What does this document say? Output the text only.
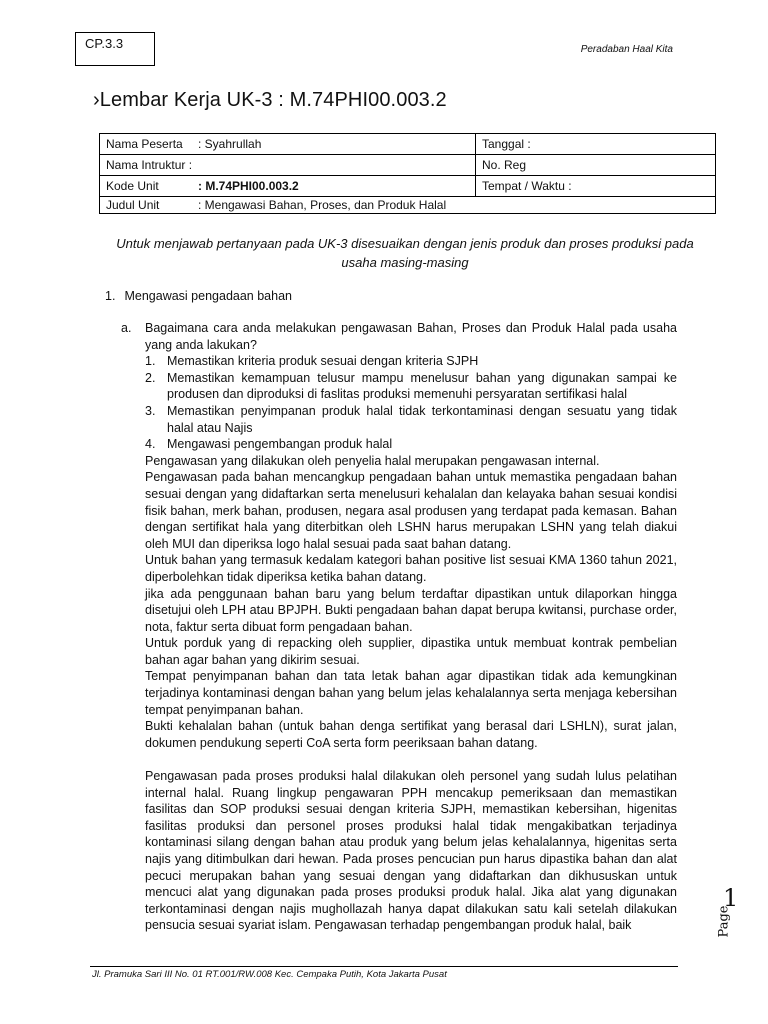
CP.3.3	Peradaban Haal Kita
›Lembar Kerja UK-3 : M.74PHI00.003.2
Nama Peserta : Syahrullah	Tanggal :
Nama Intruktur :	No. Reg
Kode Unit : M.74PHI00.003.2	Tempat / Waktu :
Judul Unit : Mengawasi Bahan, Proses, dan Produk Halal	
Untuk menjawab pertanyaan pada UK-3 disesuaikan dengan jenis produk dan proses produksi pada usaha masing-masing
1. Mengawasi pengadaan bahan
a. Bagaimana cara anda melakukan pengawasan Bahan, Proses dan Produk Halal pada usaha yang anda lakukan?
1. Memastikan kriteria produk sesuai dengan kriteria SJPH
2. Memastikan kemampuan telusur mampu menelusur bahan yang digunakan sampai ke produsen dan diproduksi di faslitas produksi memenuhi persyaratan sertifikasi halal
3. Memastikan penyimpanan produk halal tidak terkontaminasi dengan sesuatu yang tidak halal atau Najis
4. Mengawasi pengembangan produk halal

Pengawasan yang dilakukan oleh penyelia halal merupakan pengawasan internal.

Pengawasan pada bahan mencangkup pengadaan bahan untuk memastika pengadaan bahan sesuai dengan yang didaftarkan serta menelusuri kehalalan dan kelayaka bahan sesuai kondisi fisik bahan, merk bahan, produsen, negara asal produsen yang terdapat pada kemasan. Bahan dengan sertifikat hala yang diterbitkan oleh LSHN harus merupakan LSHN yang telah diakui oleh MUI dan diperiksa logo halal sesuai pada saat bahan datang.

Untuk bahan yang termasuk kedalam kategori bahan positive list sesuai KMA 1360 tahun 2021, diperbolehkan tidak diperiksa ketika bahan datang.

jika ada penggunaan bahan baru yang belum terdaftar dipastikan untuk dilaporkan hingga disetujui oleh LPH atau BPJPH. Bukti pengadaan bahan dapat berupa kwitansi, purchase order, nota, faktur serta dibuat form pengadaan bahan.

Untuk porduk yang di repacking oleh supplier, dipastika untuk membuat kontrak pembelian bahan agar bahan yang dikirim sesuai.

Tempat penyimpanan bahan dan tata letak bahan agar dipastikan tidak ada kemungkinan terjadinya kontaminasi dengan bahan yang belum jelas kehalalannya serta menjaga kebersihan tempat penyimpanan bahan.

Bukti kehalalan bahan (untuk bahan denga sertifikat yang berasal dari LSHLN), surat jalan, dokumen pendukung seperti CoA serta form peeriksaan bahan datang.

Pengawasan pada proses produksi halal dilakukan oleh personel yang sudah lulus pelatihan internal halal. Ruang lingkup pengawaran PPH mencakup pemeriksaan dan memastikan fasilitas dan SOP produksi sesuai dengan kriteria SJPH, memastikan kebersihan, higenitas fasilitas produksi dan personel proses produksi halal tidak mengakibatkan terjadinya kontaminasi silang dengan bahan atau produk yang belum jelas kehalalannya, higenitas serta najis yang ditimbulkan dari hewan. Pada proses pencucian pun harus dipastika bahan dan alat pecuci merupakan bahan yang sesuai dengan yang didaftarkan dan dikhususkan untuk mencuci alat yang digunakan pada proses produksi produk halal. Jika alat yang digunakan terkontaminasi dengan najis mughollazah hanya dapat dilakukan satu kali setelah dilakukan pensucia sesuai syariat islam. Pengawasan terhadap pengembangan produk halal, baik	Page
1
Jl. Pramuka Sari III No. 01 RT.001/RW.008 Kec. Cempaka Putih, Kota Jakarta Pusat
